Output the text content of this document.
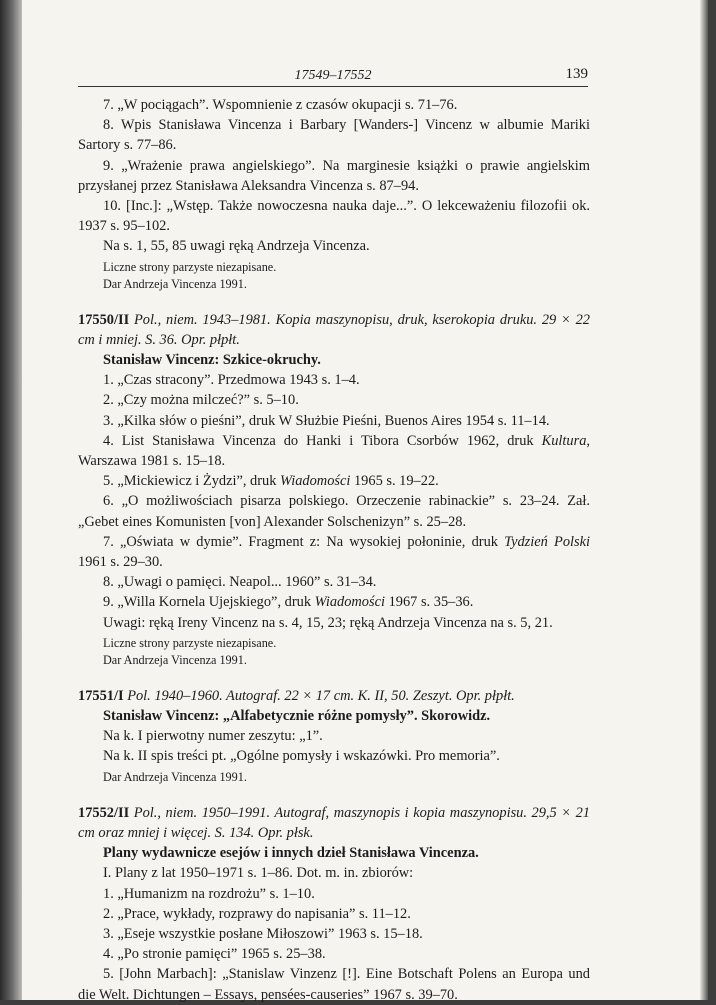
17549–17552	139

7. „W pociągach”. Wspomnienie z czasów okupacji s. 71–76.

8. Wpis Stanisława Vincenza i Barbary [Wanders-] Vincenz w albumie Mariki Sartory s. 77–86.

9. „Wrażenie prawa angielskiego”. Na marginesie książki o prawie angielskim przysłanej przez Stanisława Aleksandra Vincenza s. 87–94.

10. [Inc.]: „Wstęp. Także nowoczesna nauka daje...”. O lekceważeniu filozofii ok. 1937 s. 95–102.

Na s. 1, 55, 85 uwagi ręką Andrzeja Vincenza.

Liczne strony parzyste niezapisane.

Dar Andrzeja Vincenza 1991.

17550/II Pol., niem. 1943–1981. Kopia maszynopisu, druk, kserokopia druku. 29 × 22 cm i mniej. S. 36. Opr. płpłt.

Stanisław Vincenz: Szkice-okruchy.

1. „Czas stracony”. Przedmowa 1943 s. 1–4.

2. „Czy można milczeć?” s. 5–10.

3. „Kilka słów o pieśni”, druk W Służbie Pieśni, Buenos Aires 1954 s. 11–14.

4. List Stanisława Vincenza do Hanki i Tibora Csorbów 1962, druk Kultura, Warszawa 1981 s. 15–18.

5. „Mickiewicz i Żydzi”, druk Wiadomości 1965 s. 19–22.

6. „O możliwościach pisarza polskiego. Orzeczenie rabinackie” s. 23–24. Zał. „Gebet eines Komunisten [von] Alexander Solschenizyn” s. 25–28.

7. „Oświata w dymie”. Fragment z: Na wysokiej połoninie, druk Tydzień Polski 1961 s. 29–30.

8. „Uwagi o pamięci. Neapol... 1960” s. 31–34.

9. „Willa Kornela Ujejskiego”, druk Wiadomości 1967 s. 35–36.

Uwagi: ręką Ireny Vincenz na s. 4, 15, 23; ręką Andrzeja Vincenza na s. 5, 21.

Liczne strony parzyste niezapisane.

Dar Andrzeja Vincenza 1991.

17551/I Pol. 1940–1960. Autograf. 22 × 17 cm. K. II, 50. Zeszyt. Opr. płpłt.

Stanisław Vincenz: „Alfabetycznie różne pomysły”. Skorowidz.

Na k. I pierwotny numer zeszytu: „1”.

Na k. II spis treści pt. „Ogólne pomysły i wskazówki. Pro memoria”.

Dar Andrzeja Vincenza 1991.

17552/II Pol., niem. 1950–1991. Autograf, maszynopis i kopia maszynopisu. 29,5 × 21 cm oraz mniej i więcej. S. 134. Opr. płsk.

Plany wydawnicze esejów i innych dzieł Stanisława Vincenza.

I. Plany z lat 1950–1971 s. 1–86. Dot. m. in. zbiorów:

1. „Humanizm na rozdrożu” s. 1–10.

2. „Prace, wykłady, rozprawy do napisania” s. 11–12.

3. „Eseje wszystkie posłane Miłoszowi” 1963 s. 15–18.

4. „Po stronie pamięci” 1965 s. 25–38.

5. [John Marbach]: „Stanislaw Vinzenz [!]. Eine Botschaft Polens an Europa und die Welt. Dichtungen – Essays, pensées-causeries” 1967 s. 39–70.
